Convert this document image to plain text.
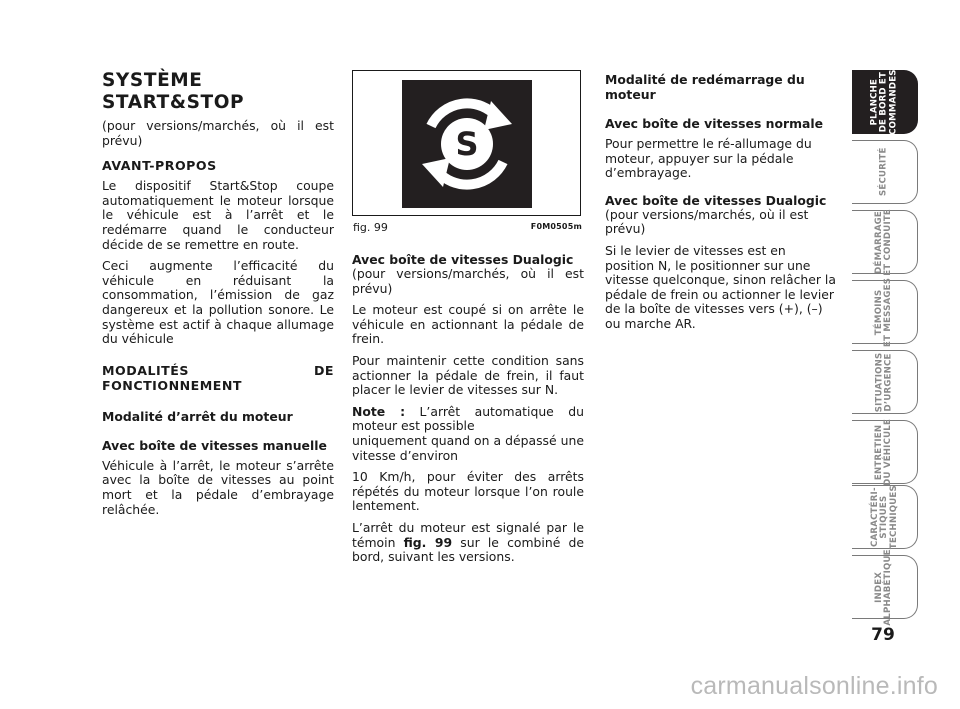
SYSTÈME START&STOP

(pour versions/marchés, où il est prévu)

AVANT-PROPOS

Le dispositif Start&Stop coupe automatiquement le moteur lorsque le véhicule est à l’arrêt et le redémarre quand le conducteur décide de se remettre en route.

Ceci augmente l’efficacité du véhicule en réduisant la consommation, l’émission de gaz dangereux et la pollution sonore. Le système est actif à chaque allumage du véhicule

MODALITÉS DE FONCTIONNEMENT
Modalité d’arrêt du moteur
Avec boîte de vitesses manuelle

Véhicule à l’arrêt, le moteur s’arrête avec la boîte de vitesses au point mort et la pédale d’embrayage relâchée.

S
fig. 99	F0M0505m
Avec boîte de vitesses Dualogic

(pour versions/marchés, où il est prévu)

Le moteur est coupé si on arrête le véhicule en actionnant la pédale de frein.

Pour maintenir cette condition sans actionner la pédale de frein, il faut placer le levier de vitesses sur N.

Note : L’arrêt automatique du moteur est possible

uniquement quand on a dépassé une vitesse d’environ

10 Km/h, pour éviter des arrêts répétés du moteur lorsque l’on roule lentement.

L’arrêt du moteur est signalé par le témoin fig. 99 sur le combiné de bord, suivant les versions.

Modalité de redémarrage du moteur
Avec boîte de vitesses normale

Pour permettre le ré-allumage du moteur, appuyer sur la pédale d’embrayage.

Avec boîte de vitesses Dualogic

(pour versions/marchés, où il est prévu)

Si le levier de vitesses est en position N, le positionner sur une vitesse quelconque, sinon relâcher la pédale de frein ou actionner le levier de la boîte de vitesses vers (+), (–) ou marche AR.

PLANCHE
DE BORD ET
COMMANDES
SÉCURITÉ
DÉMARRAGE
ET CONDUITE
TÉMOINS
ET MESSAGES
SITUATIONS
D’URGENCE
ENTRETIEN
DU VÉHICULE
CARACTÉRI-
STIQUES
TECHNIQUES
INDEX
ALPHABÉTIQUE
79
carmanualsonline.info
